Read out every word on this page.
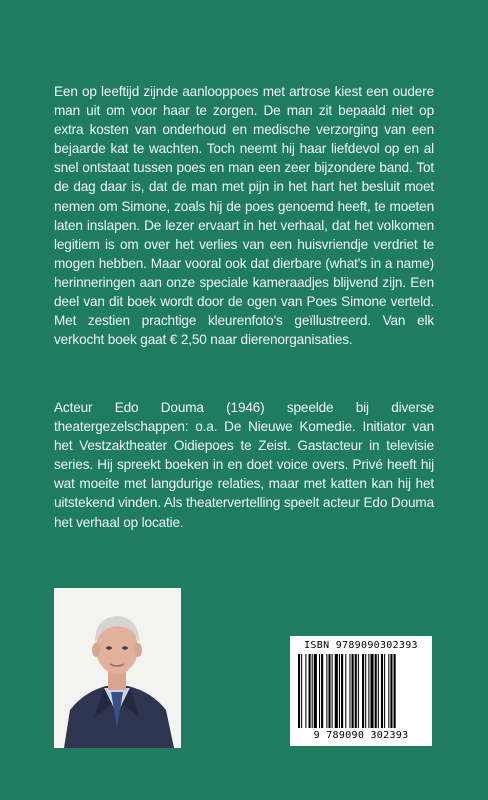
Een op leeftijd zijnde aanlooppoes met artrose kiest een oudere man uit om voor haar te zorgen. De man zit bepaald niet op extra kosten van onderhoud en medische verzorging van een bejaarde kat te wachten. Toch neemt hij haar liefdevol op en al snel ontstaat tussen poes en man een zeer bijzondere band. Tot de dag daar is, dat de man met pijn in het hart het besluit moet nemen om Simone, zoals hij de poes genoemd heeft, te moeten laten inslapen. De lezer ervaart in het verhaal, dat het volkomen legitiem is om over het verlies van een huisvriendje verdriet te mogen hebben. Maar vooral ook dat dierbare (what's in a name) herinneringen aan onze speciale kameraadjes blijvend zijn. Een deel van dit boek wordt door de ogen van Poes Simone verteld. Met zestien prachtige kleurenfoto's geïllustreerd. Van elk verkocht boek gaat € 2,50 naar dierenorganisaties.

Acteur Edo Douma (1946) speelde bij diverse theatergezelschappen: o.a. De Nieuwe Komedie. Initiator van het Vestzaktheater Oidiepoes te Zeist. Gastacteur in televisie series. Hij spreekt boeken in en doet voice overs. Privé heeft hij wat moeite met langdurige relaties, maar met katten kan hij het uitstekend vinden. Als theatervertelling speelt acteur Edo Douma het verhaal op locatie.

ISBN 9789090302393

9 789090 302393
